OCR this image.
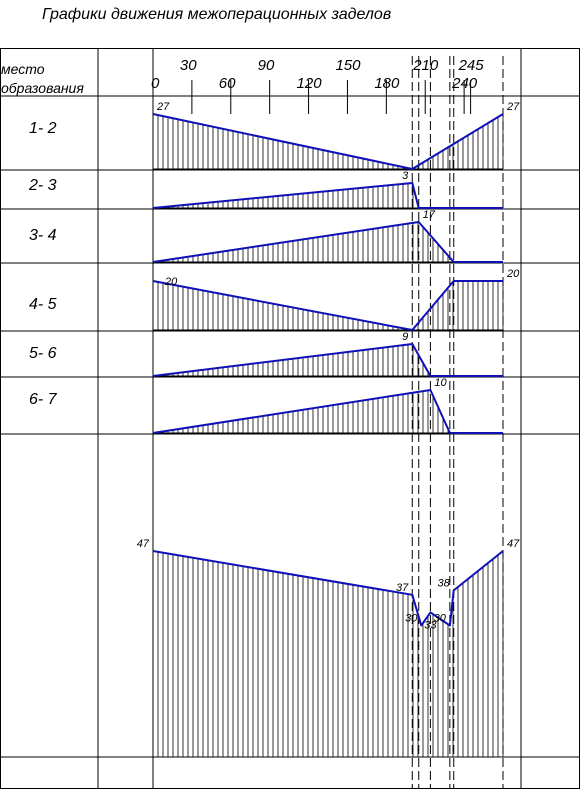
Графики движения межоперационных заделов
место
образования	0
30
60
90
120
150
180
210
240
245
1- 2
2- 3
3- 4
4- 5
5- 6
6- 7
27	27
3
17
20
20
9
10
47
37
30
33
30
38
47
